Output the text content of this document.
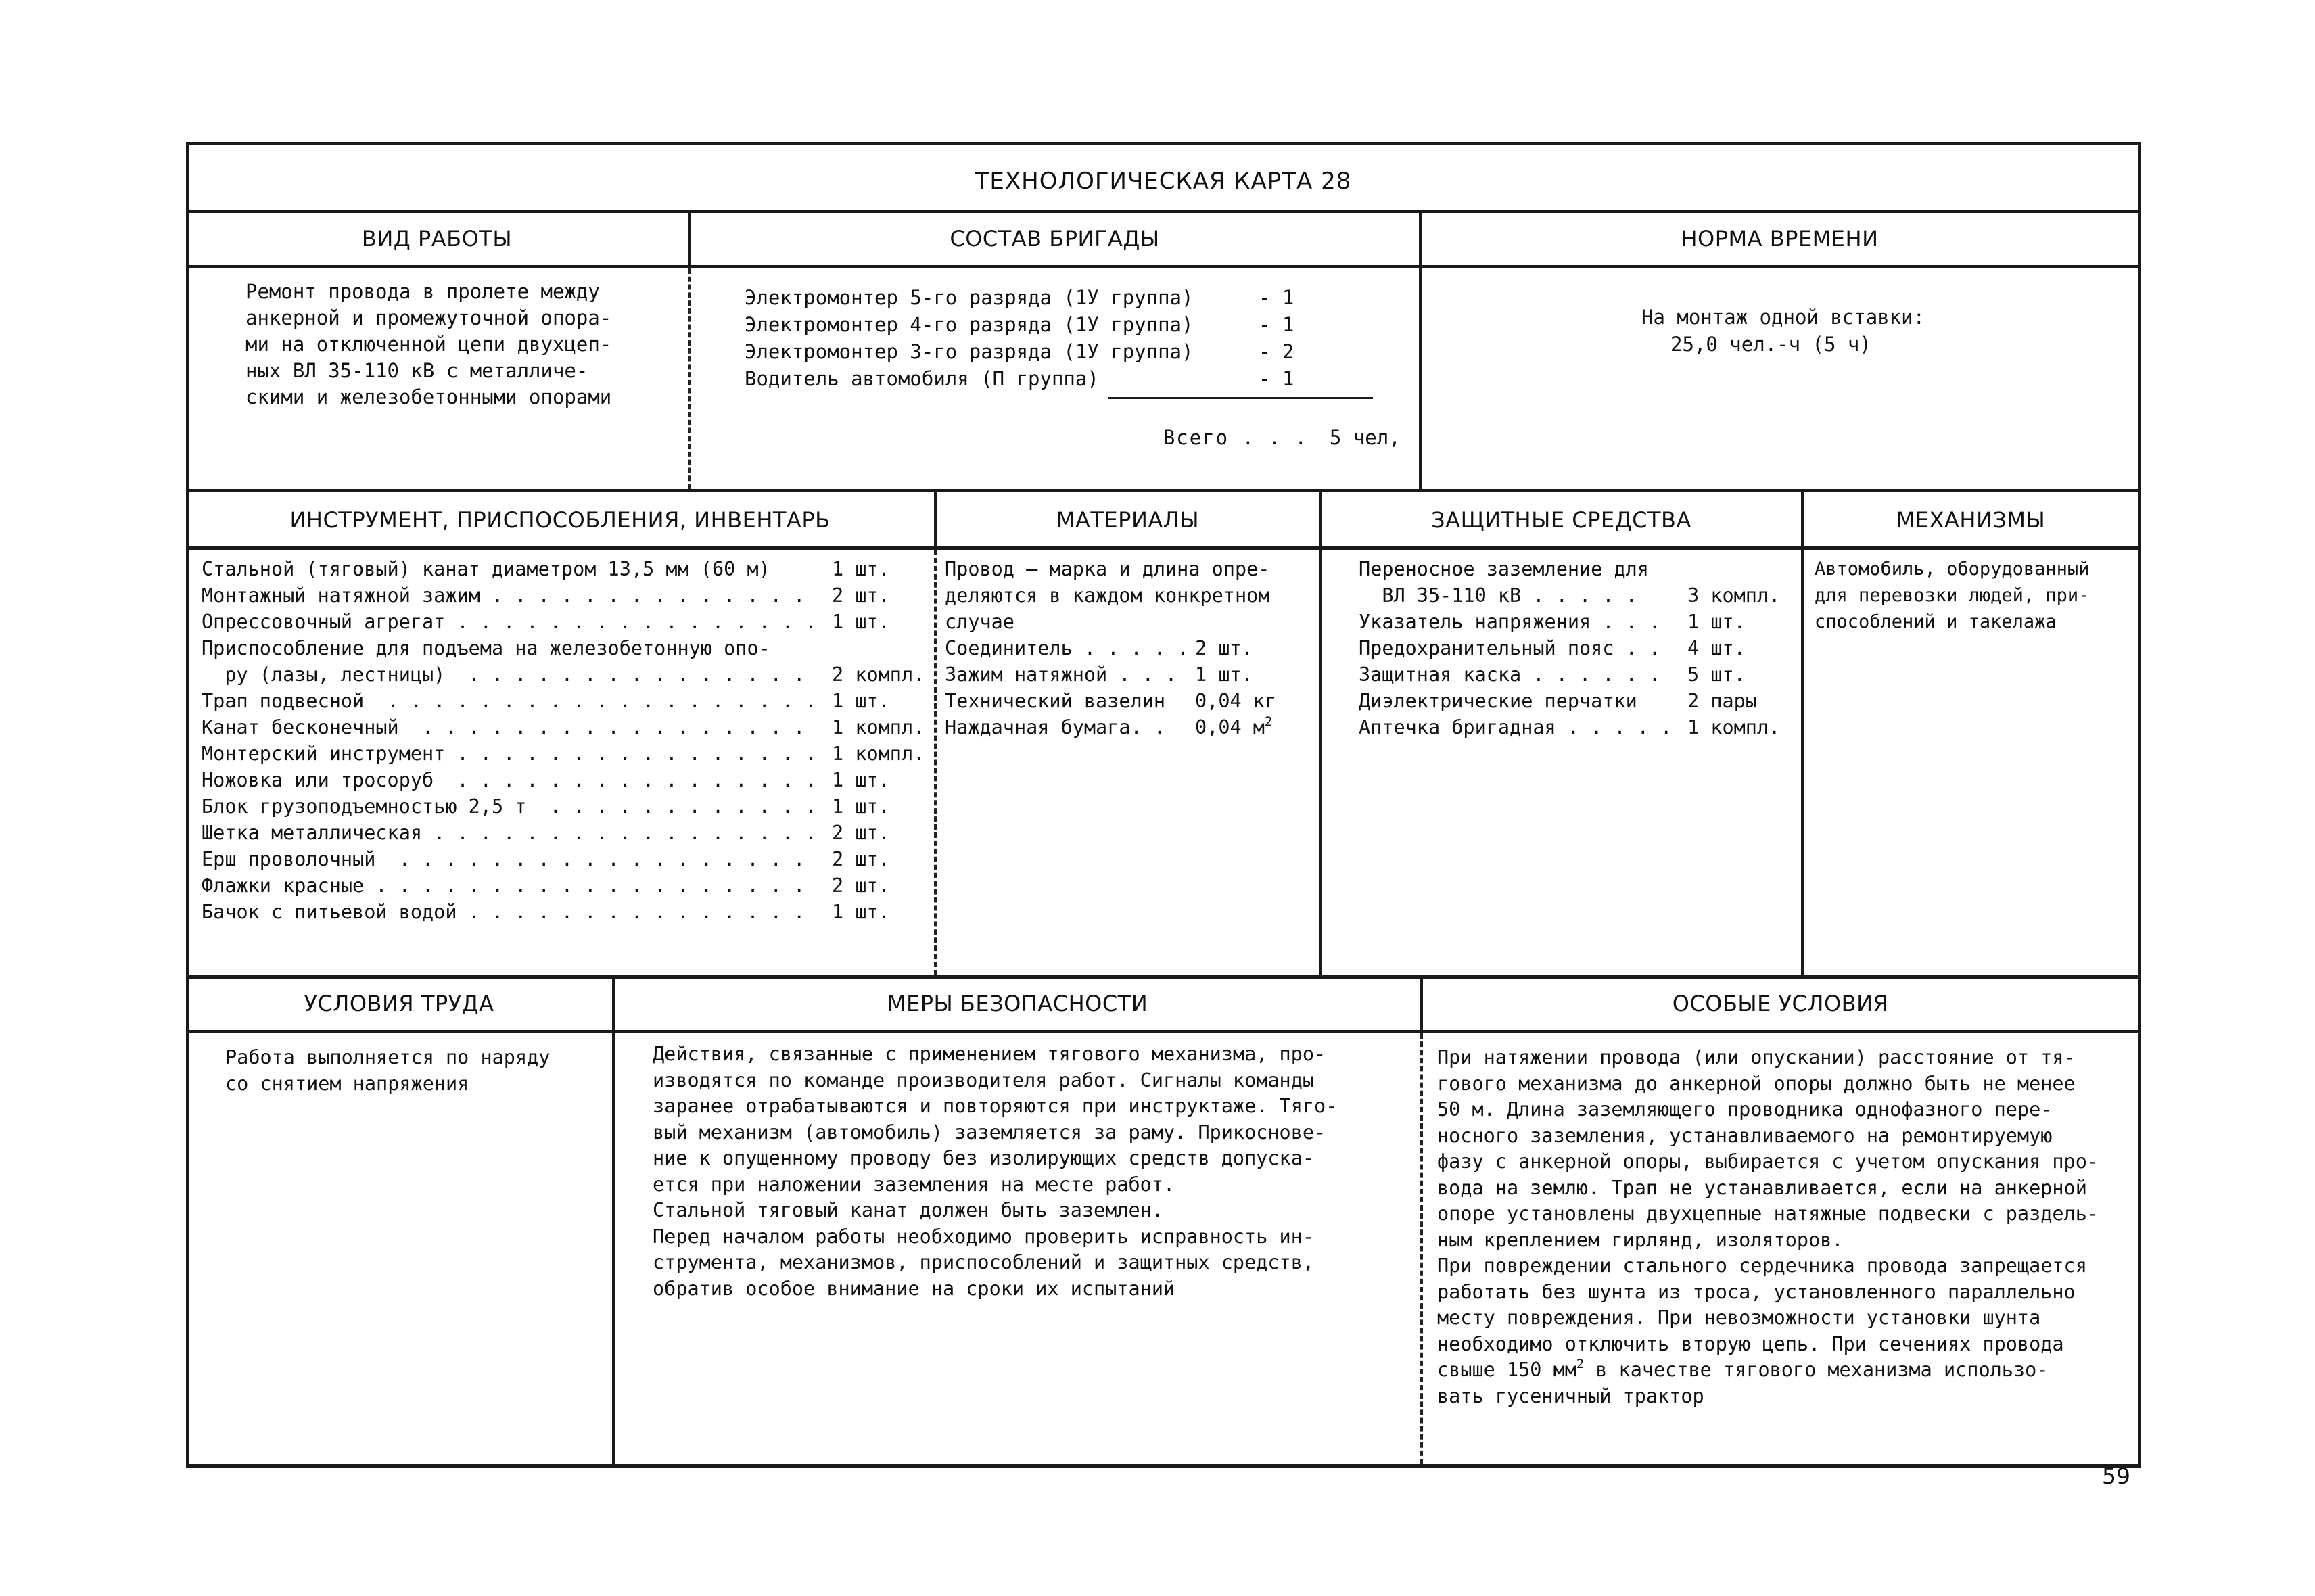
ТЕХНОЛОГИЧЕСКАЯ КАРТА 28
ВИД РАБОТЫ	СОСТАВ БРИГАДЫ	НОРМА ВРЕМЕНИ
Ремонт провода в пролете между
анкерной и промежуточной опора-
ми на отключенной цепи двухцеп-
ных ВЛ 35-110 кВ с металличе-
скими и железобетонными опорами
Электромонтер 5-го разряда (1У группа)	- 1
Электромонтер 4-го разряда (1У группа)	- 1
Электромонтер 3-го разряда (1У группа)	- 2
Водитель автомобиля (П группа)	- 1

Всего . . . 5 чел,

На монтаж одной вставки:
25,0 чел.-ч (5 ч)
ИНСТРУМЕНТ, ПРИСПОСОБЛЕНИЯ, ИНВЕНТАРЬ	МАТЕРИАЛЫ	ЗАЩИТНЫЕ СРЕДСТВА	МЕХАНИЗМЫ
Стальной (тяговый) канат диаметром 13,5 мм (60 м)	1 шт.
Монтажный натяжной зажим . . . . . . . . . . . . . . 2 шт.
Опрессовочный агрегат . . . . . . . . . . . . . . . . 1 шт.
Приспособление для подъема на железобетонную опо-
ру (лазы, лестницы)  . . . . . . . . . . . . . . . 2 компл.
Трап подвесной  . . . . . . . . . . . . . . . . . . . 1 шт.
Канат бесконечный  . . . . . . . . . . . . . . . . . 1 компл.
Монтерский инструмент . . . . . . . . . . . . . . . . 1 компл.
Ножовка или тросоруб  . . . . . . . . . . . . . . . . 1 шт.
Блок грузоподъемностью 2,5 т  . . . . . . . . . . . . 1 шт.
Шетка металлическая . . . . . . . . . . . . . . . . . 2 шт.
Ерш проволочный  . . . . . . . . . . . . . . . . . . 2 шт.
Флажки красные . . . . . . . . . . . . . . . . . . . 2 шт.
Бачок с питьевой водой . . . . . . . . . . . . . . . 1 шт.
Провод — марка и длина опре-
деляются в каждом конкретном
случае
Соединитель . . . . . 2 шт.
Зажим натяжной . . . 1 шт.
Технический вазелин 0,04 кг
Наждачная бумага. . 0,04 $м^2$
Переносное заземление для
ВЛ 35-110 кВ . . . . .	3 компл.
Указатель напряжения . . . 1 шт.
Предохранительный пояс . . 4 шт.
Защитная каска . . . . . . 5 шт.
Диэлектрические перчатки 2 пары
Аптечка бригадная . . . . . 1 компл.
Автомобиль, оборудованный
для перевозки людей, при-
способлений и такелажа
УСЛОВИЯ ТРУДА	МЕРЫ БЕЗОПАСНОСТИ	ОСОБЫЕ УСЛОВИЯ
Работа выполняется по наряду
со снятием напряжения
Действия, связанные с применением тягового механизма, про-
изводятся по команде производителя работ. Сигналы команды
заранее отрабатываются и повторяются при инструктаже. Тяго-
вый механизм (автомобиль) заземляется за раму. Прикоснове-
ние к опущенному проводу без изолирующих средств допуска-
ется при наложении заземления на месте работ.
Стальной тяговый канат должен быть заземлен.
Перед началом работы необходимо проверить исправность ин-
струмента, механизмов, приспособлений и защитных средств,
обратив особое внимание на сроки их испытаний
При натяжении провода (или опускании) расстояние от тя-
гового механизма до анкерной опоры должно быть не менее
50 м. Длина заземляющего проводника однофазного пере-
носного заземления, устанавливаемого на ремонтируемую
фазу с анкерной опоры, выбирается с учетом опускания про-
вода на землю. Трап не устанавливается, если на анкерной
опоре установлены двухцепные натяжные подвески с раздель-
ным креплением гирлянд, изоляторов.
При повреждении стального сердечника провода запрещается
работать без шунта из троса, установленного параллельно
месту повреждения. При невозможности установки шунта
необходимо отключить вторую цепь. При сечениях провода
свыше 150 $мм^2$ в качестве тягового механизма использо-
вать гусеничный трактор
59
